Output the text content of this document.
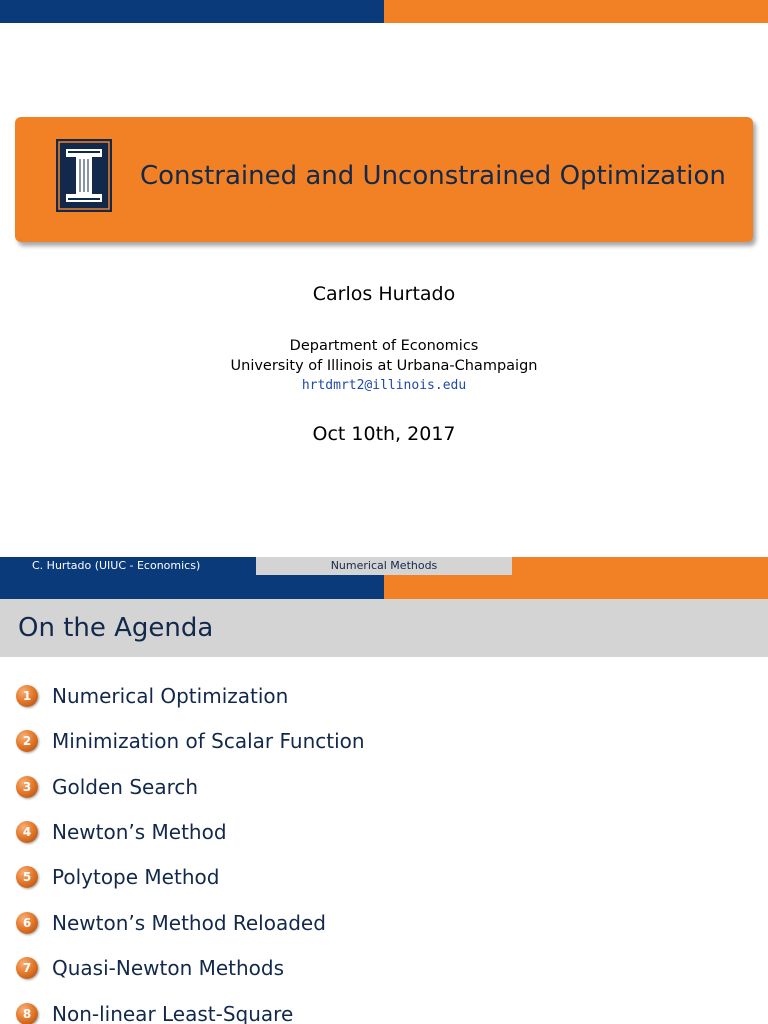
Constrained and Unconstrained Optimization
Carlos Hurtado
Department of Economics
University of Illinois at Urbana-Champaign
hrtdmrt2@illinois.edu
Oct 10th, 2017
C. Hurtado (UIUC - Economics)	Numerical Methods
On the Agenda
1	Numerical Optimization
2	Minimization of Scalar Function
3	Golden Search
4	Newton’s Method
5	Polytope Method
6	Newton’s Method Reloaded
7	Quasi-Newton Methods
8	Non-linear Least-Square
